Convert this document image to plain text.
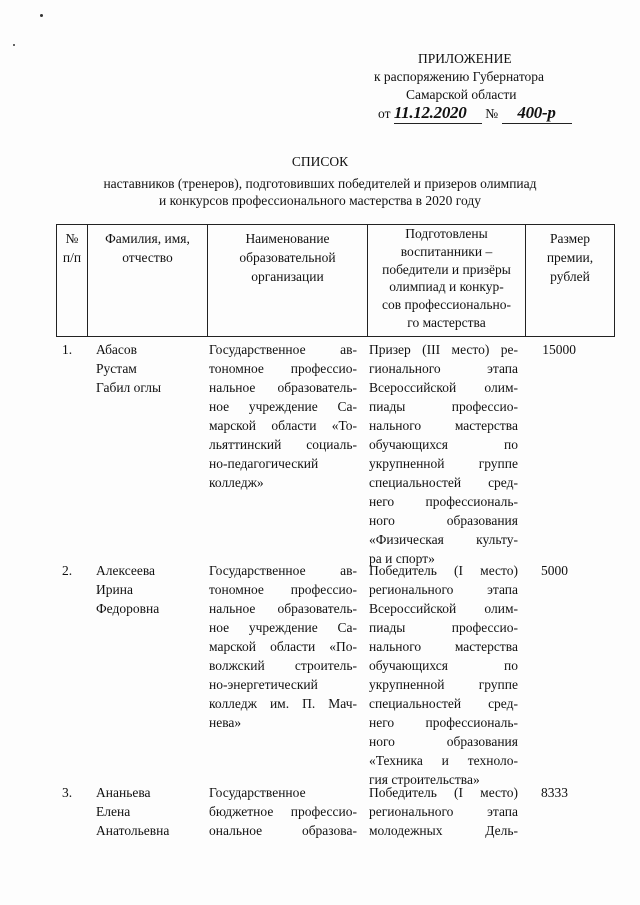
ПРИЛОЖЕНИЕ
к распоряжению Губернатора
Самарской области
от 11.12.2020 № 400-р
СПИСОК
наставников (тренеров), подготовивших победителей и призеров олимпиад
и конкурсов профессионального мастерства в 2020 году
№
п/п
Фамилия, имя,
отчество
Наименование
образовательной
организации
Подготовлены
воспитанники –
победители и призёры
олимпиад и конкур-
сов профессионально-
го мастерства
Размер
премии,
рублей
1. Абасов
Рустам
Габил оглы

Государственное ав-

тономное профессио-

нальное образователь-

ное учреждение Са-

марской области «То-

льяттинский социаль-

но-педагогический

колледж»

Призер (III место) ре-

гионального этапа

Всероссийской олим-

пиады профессио-

нального мастерства

обучающихся по

укрупненной группе

специальностей сред-

него профессиональ-

ного образования

«Физическая культу-

ра и спорт»

15000
2. Алексеева
Ирина
Федоровна

Государственное ав-

тономное профессио-

нальное образователь-

ное учреждение Са-

марской области «По-

волжский строитель-

но-энергетический

колледж им. П. Мач-

нева»

Победитель (I место)

регионального этапа

Всероссийской олим-

пиады профессио-

нального мастерства

обучающихся по

укрупненной группе

специальностей сред-

него профессиональ-

ного образования

«Техника и техноло-

гия строительства»

5000
3. Ананьева
Елена
Анатольевна

Государственное

бюджетное профессио-

ональное образова-

Победитель (I место)

регионального этапа

молодежных Дель-

8333
